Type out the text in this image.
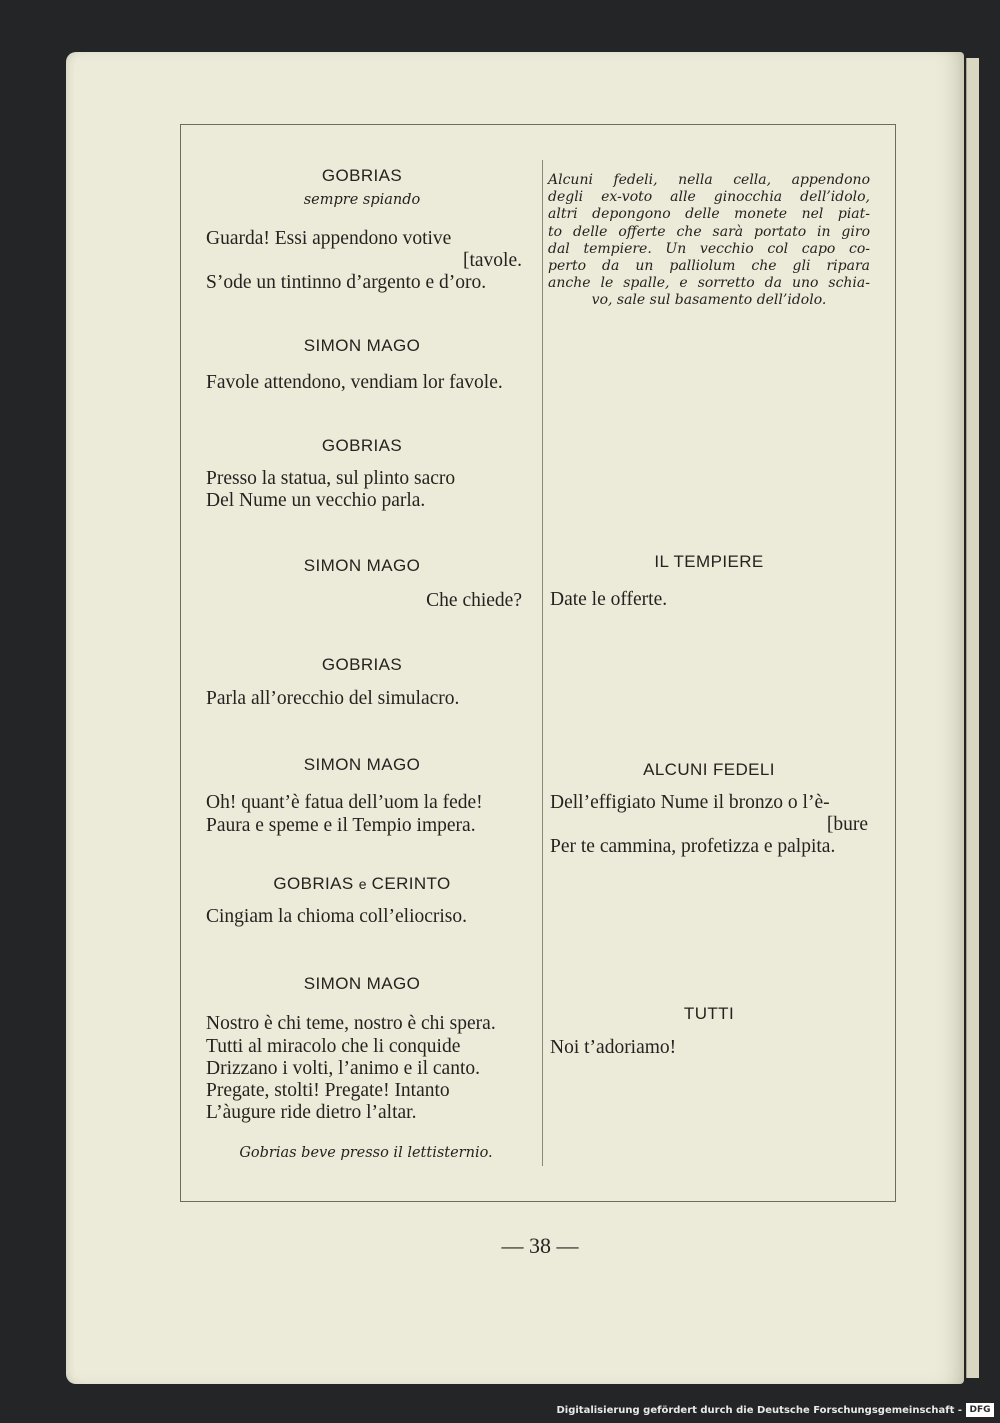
GOBRIAS
sempre spiando
Guarda! Essi appendono votive
[tavole.
S’ode un tintinno d’argento e d’oro.
SIMON MAGO
Favole attendono, vendiam lor favole.
GOBRIAS
Presso la statua, sul plinto sacro
Del Nume un vecchio parla.
SIMON MAGO
Che chiede?
GOBRIAS
Parla all’orecchio del simulacro.
SIMON MAGO
Oh! quant’è fatua dell’uom la fede!
Paura e speme e il Tempio impera.
GOBRIAS e CERINTO
Cingiam la chioma coll’eliocriso.
SIMON MAGO
Nostro è chi teme, nostro è chi spera.
Tutti al miracolo che li conquide
Drizzano i volti, l’animo e il canto.
Pregate, stolti! Pregate! Intanto
L’àugure ride dietro l’altar.
Gobrias beve presso il lettisternio.
Alcuni fedeli, nella cella, appendono
degli ex-voto alle ginocchia dell’idolo,
altri depongono delle monete nel piat-
to delle offerte che sarà portato in giro
dal tempiere. Un vecchio col capo co-
perto da un palliolum che gli ripara
anche le spalle, e sorretto da uno schia-
vo, sale sul basamento dell’idolo.
IL TEMPIERE
Date le offerte.
ALCUNI FEDELI
Dell’effigiato Nume il bronzo o l’è-
[bure
Per te cammina, profetizza e palpita.
TUTTI
Noi t’adoriamo!
— 38 —
Digitalisierung gefördert durch die Deutsche Forschungsgemeinschaft - DFG
